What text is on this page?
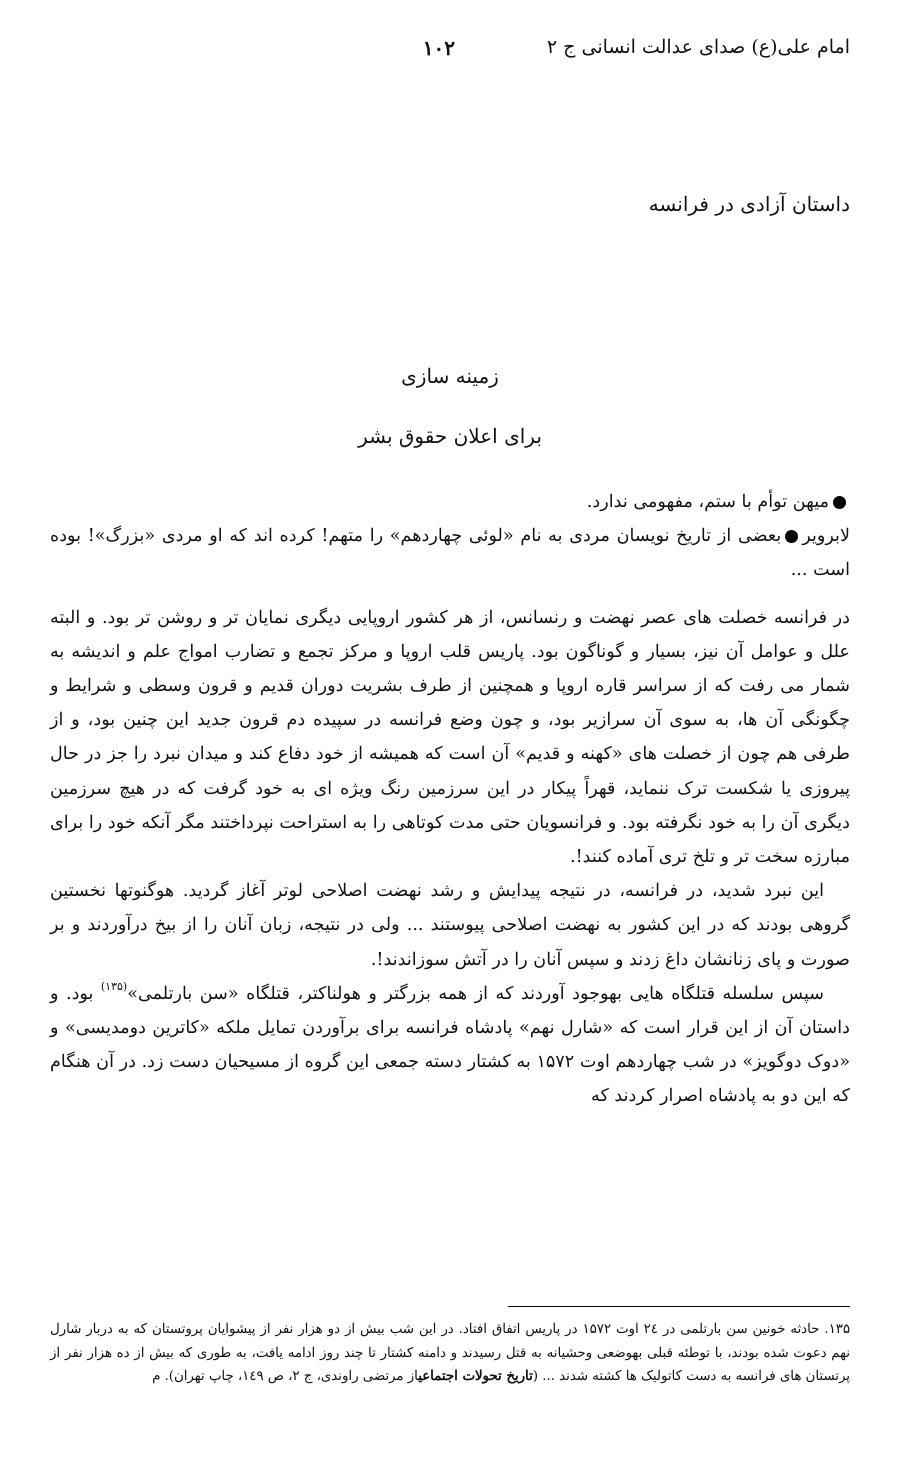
امام علی(ع) صدای عدالت انسانی ج ۲
۱۰۲
داستان آزادی در فرانسه
زمینه سازی
برای اعلان حقوق بشر

میهن توأم با ستم، مفهومی ندارد.

لابرويربعضی از تاریخ نویسان مردی به نام «لوئی چهاردهم» را متهم! کرده اند که او مردی «بزرگ»! بوده است ...

در فرانسه خصلت های عصر نهضت و رنسانس، از هر کشور اروپایی دیگری نمایان تر و روشن تر بود. و البته علل و عوامل آن نیز، بسیار و گوناگون بود. پاریس قلب اروپا و مرکز تجمع و تضارب امواج علم و اندیشه به شمار می رفت که از سراسر قاره اروپا و همچنین از طرف بشریت دوران قدیم و قرون وسطی و شرایط و چگونگی آن ها، به سوی آن سرازیر بود، و چون وضع فرانسه در سپیده دم قرون جدید این چنین بود، و از طرفی هم چون از خصلت های «کهنه و قدیم» آن است که همیشه از خود دفاع کند و میدان نبرد را جز در حال پیروزی یا شکست ترک ننماید، قهراً پیکار در این سرزمین رنگ ویژه ای به خود گرفت که در هیچ سرزمین دیگری آن را به خود نگرفته بود. و فرانسویان حتی مدت کوتاهی را به استراحت نپرداختند مگر آنکه خود را برای مبارزه سخت تر و تلخ تری آماده کنند!.

این نبرد شدید، در فرانسه، در نتیجه پیدایش و رشد نهضت اصلاحی لوتر آغاز گردید. هوگنوتها نخستین گروهی بودند که در این کشور به نهضت اصلاحی پیوستند ... ولی در نتیجه، زبان آنان را از بیخ درآوردند و بر صورت و پای زنانشان داغ زدند و سپس آنان را در آتش سوزاندند!.

سپس سلسله قتلگاه هایی بهوجود آوردند که از همه بزرگتر و هولناکتر، قتلگاه «سن بارتلمی»$^{(۱۳۵)}$ بود. و داستان آن از این قرار است که «شارل نهم» پادشاه فرانسه برای برآوردن تمایل ملکه «کاترین دومدیسی» و «دوک دوگویز» در شب چهاردهم اوت ۱۵۷۲ به کشتار دسته جمعی این گروه از مسیحیان دست زد. در آن هنگام که این دو به پادشاه اصرار کردند که

۱۳۵. حادثه خونین سن بارتلمی در ۲٤ اوت ۱۵۷۲ در پاریس اتفاق افتاد. در این شب بیش از دو هزار نفر از پیشوایان پروتستان که به دربار شارل نهم دعوت شده بودند، با توطئه قبلی بهوضعی وحشیانه به قتل رسیدند و دامنه کشتار تا چند روز ادامه یافت، به طوری که بیش از ده هزار نفر از پرتستان های فرانسه به دست کاتولیک ها کشته شدند ... (تاریخ تحولات اجتماعیاز مرتضی راوندی، ج ۲، ص ۱٤۹، چاپ تهران). م
